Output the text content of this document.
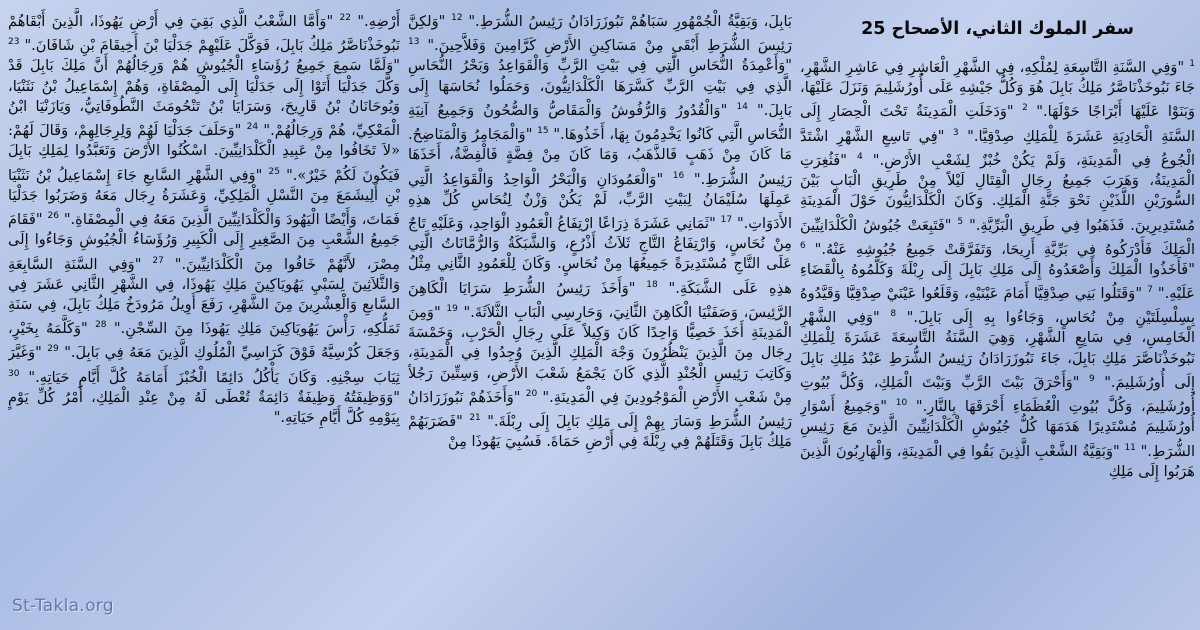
سفر الملوك الثاني، الأصحاح 25
$^1$ "وَفِي السَّنَةِ التَّاسِعَةِ لِمُلْكِهِ، فِي الشَّهْرِ الْعَاشِرِ فِي عَاشِرِ الشَّهْرِ، جَاءَ نَبُوخَذْنَاصَّرُ مَلِكُ بَابِلَ هُوَ وَكُلُّ جَيْشِهِ عَلَى أُورُشَلِيمَ وَنَزَلَ عَلَيْهَا، وَبَنَوْا عَلَيْهَا أَبْرَاجًا حَوْلَهَا." $^2$ "وَدَخَلَتِ الْمَدِينَةُ تَحْتَ الْحِصَارِ إِلَى السَّنَةِ الْحَادِيَةِ عَشَرَةَ لِلْمَلِكِ صِدْقِيَّا." $^3$ "فِي تَاسِعِ الشَّهْرِ اشْتَدَّ الْجُوعُ فِي الْمَدِينَةِ، وَلَمْ يَكُنْ خُبْزٌ لِشَعْبِ الأَرْضِ." $^4$ "فَثُغِرَتِ الْمَدِينَةُ، وَهَرَبَ جَمِيعُ رِجَالِ الْقِتَالِ لَيْلاً مِنْ طَرِيقِ الْبَابِ بَيْنَ السُّورَيْنِ اللَّذَيْنِ نَحْوَ جَنَّةِ الْمَلِكِ. وَكَانَ الْكَلْدَانِيُّونَ حَوْلَ الْمَدِينَةِ مُسْتَدِيرِينَ. فَذَهَبُوا فِي طَرِيقِ الْبَرِّيَّةِ." $^5$ "فَتَبِعَتْ جُيُوشُ الْكَلْدَانِيِّينَ الْمَلِكَ فَأَدْرَكُوهُ فِي بَرِّيَّةِ أَرِيحَا، وَتَفَرَّقَتْ جَمِيعُ جُيُوشِهِ عَنْهُ." $^6$ "فَأَخَذُوا الْمَلِكَ وَأَصْعَدُوهُ إِلَى مَلِكِ بَابِلَ إِلَى رِبْلَةَ وَكَلَّمُوهُ بِالْقَضَاءِ عَلَيْهِ." $^7$ "وَقَتَلُوا بَنِي صِدْقِيَّا أَمَامَ عَيْنَيْهِ، وَقَلَعُوا عَيْنَيْ صِدْقِيَّا وَقَيَّدُوهُ بِسِلْسِلَتَيْنِ مِنْ نُحَاسٍ، وَجَاءُوا بِهِ إِلَى بَابِلَ." $^8$ "وَفِي الشَّهْرِ الْخَامِسِ، فِي سَابِعِ الشَّهْرِ، وَهِيَ السَّنَةُ التَّاسِعَةَ عَشَرَةَ لِلْمَلِكِ نَبُوخَذْنَاصَّرَ مَلِكِ بَابِلَ، جَاءَ نَبُوزَرَادَانُ رَئِيسُ الشُّرَطِ عَبْدُ مَلِكِ بَابِلَ إِلَى أُورُشَلِيمَ." $^9$ "وَأَحْرَقَ بَيْتَ الرَّبِّ وَبَيْتَ الْمَلِكِ، وَكُلَّ بُيُوتِ أُورُشَلِيمَ، وَكُلَّ بُيُوتِ الْعُظَمَاءِ أَحْرَقَهَا بِالنَّارِ." $^{10}$ "وَجَمِيعُ أَسْوَارِ أُورُشَلِيمَ مُسْتَدِيرًا هَدَمَهَا كُلُّ جُيُوشِ الْكَلْدَانِيِّينَ الَّذِينَ مَعَ رَئِيسِ الشُّرَطِ." $^{11}$ "وَبَقِيَّةُ الشَّعْبِ الَّذِينَ بَقُوا فِي الْمَدِينَةِ، وَالْهَارِبُونَ الَّذِينَ هَرَبُوا إِلَى مَلِكِ
بَابِلَ، وَبَقِيَّةُ الْجُمْهُورِ سَبَاهُمْ نَبُوزَرَادَانُ رَئِيسُ الشُّرَطِ." $^{12}$ "وَلكِنَّ رَئِيسَ الشُّرَطِ أَبْقَى مِنْ مَسَاكِينِ الأَرْضِ كَرَّامِينَ وَفَلاَّحِينَ." $^{13}$ "وَأَعْمِدَةُ النُّحَاسِ الَّتِي فِي بَيْتِ الرَّبِّ وَالْقَوَاعِدُ وَبَحْرُ النُّحَاسِ الَّذِي فِي بَيْتِ الرَّبِّ كَسَّرَهَا الْكَلْدَانِيُّونَ، وَحَمَلُوا نُحَاسَهَا إِلَى بَابِلَ." $^{14}$ "وَالْقُدُورُ وَالرُّفُوشُ وَالْمَقَاصُّ وَالصُّحُونُ وَجَمِيعُ آنِيَةِ النُّحَاسِ الَّتِي كَانُوا يَخْدِمُونَ بِهَا، أَخَذُوهَا." $^{15}$ "وَالْمَجَامِرُ وَالْمَنَاضِحُ. مَا كَانَ مِنْ ذَهَبٍ فَالذَّهَبُ، وَمَا كَانَ مِنْ فِضَّةٍ فَالْفِضَّةُ، أَخَذَهَا رَئِيسُ الشُّرَطِ." $^{16}$ "وَالْعَمُودَانِ وَالْبَحْرُ الْوَاحِدُ وَالْقَوَاعِدُ الَّتِي عَمِلَهَا سُلَيْمَانُ لِبَيْتِ الرَّبِّ، لَمْ يَكُنْ وَزْنٌ لِنُحَاسِ كُلِّ هذِهِ الأَدَوَاتِ." $^{17}$ "ثَمَانِي عَشَرَةَ ذِرَاعًا ارْتِفَاعُ الْعَمُودِ الْوَاحِدِ، وَعَلَيْهِ تَاجٌ مِنْ نُحَاسٍ، وَارْتِفَاعُ التَّاجِ ثَلاَثُ أَذْرُعٍ، وَالشَّبَكَةُ وَالرُّمَّانَاتُ الَّتِي عَلَى التَّاجِ مُسْتَدِيرَةً جَمِيعُهَا مِنْ نُحَاسٍ. وَكَانَ لِلْعَمُودِ الثَّانِي مِثْلُ هذِهِ عَلَى الشَّبَكَةِ." $^{18}$ "وَأَخَذَ رَئِيسُ الشُّرَطِ سَرَايَا الْكَاهِنَ الرَّئِيسَ، وَصَفَنْيَا الْكَاهِنَ الثَّانِيَ، وَحَارِسِي الْبَابِ الثَّلاَثَةَ." $^{19}$ "وَمِنَ الْمَدِينَةِ أَخَذَ خَصِيًّا وَاحِدًا كَانَ وَكِيلاً عَلَى رِجَالِ الْحَرْبِ، وَخَمْسَةَ رِجَال مِنَ الَّذِينَ يَنْظُرُونَ وَجْهَ الْمَلِكِ الَّذِينَ وُجِدُوا فِي الْمَدِينَةِ، وَكَاتِبَ رَئِيسِ الْجُنْدِ الَّذِي كَانَ يَجْمَعُ شَعْبَ الأَرْضِ، وَسِتِّينَ رَجُلاً مِنْ شَعْبِ الأَرْضِ الْمَوْجُودِينَ فِي الْمَدِينَةِ." $^{20}$ "وَأَخَذَهُمْ نَبُوزَرَادَانُ رَئِيسُ الشُّرَطِ وَسَارَ بِهِمْ إِلَى مَلِكِ بَابِلَ إِلَى رِبْلَةَ." $^{21}$ "فَضَرَبَهُمْ مَلِكُ بَابِلَ وَقَتَلَهُمْ فِي رِبْلَةَ فِي أَرْضِ حَمَاةَ. فَسُبِيَ يَهُوذَا مِنْ
أَرْضِهِ." $^{22}$ "وَأَمَّا الشَّعْبُ الَّذِي بَقِيَ فِي أَرْضِ يَهُوذَا، الَّذِينَ أَبْقَاهُمْ نَبُوخَذْنَاصَّرُ مَلِكُ بَابِلَ، فَوَكَّلَ عَلَيْهِمْ جَدَلْيَا بْنَ أَخِيقَامَ بْنِ شَافَانَ." $^{23}$ "وَلَمَّا سَمِعَ جَمِيعُ رُؤَسَاءِ الْجُيُوشِ هُمْ وَرِجَالُهُمْ أَنَّ مَلِكَ بَابِلَ قَدْ وَكَّلَ جَدَلْيَا أَتَوْا إِلَى جَدَلْيَا إِلَى الْمِصْفَاةِ، وَهُمْ إِسْمَاعِيلُ بْنُ نَثَنْيَا، وَيُوحَانَانُ بْنُ قَارِيحَ، وَسَرَايَا بْنُ تَنْحُومَثَ النَّطُوفَاتِيُّ، وَيَازَنْيَا ابْنُ الْمَعْكِيِّ، هُمْ وَرِجَالُهُمْ." $^{24}$ "وَحَلَفَ جَدَلْيَا لَهُمْ وَلِرِجَالِهِمْ، وَقَالَ لَهُمْ: «لاَ تَخَافُوا مِنْ عَبِيدِ الْكَلْدَانِيِّينَ. اسْكُنُوا الأَرْضَ وَتَعَبَّدُوا لِمَلِكِ بَابِلَ فَيَكُونَ لَكُمْ خَيْرٌ»." $^{25}$ "وَفِي الشَّهْرِ السَّابعِ جَاءَ إِسْمَاعِيلُ بْنُ نَثَنْيَا بْنِ أَلِيشَمَعَ مِنَ النَّسْلِ الْمَلِكِيِّ، وَعَشَرَةُ رِجَال مَعَهُ وَضَرَبُوا جَدَلْيَا فَمَاتَ، وَأَيْضًا الْيَهُودَ وَالْكَلْدَانِيِّينَ الَّذِينَ مَعَهُ فِي الْمِصْفَاةِ." $^{26}$ "فَقَامَ جَمِيعُ الشَّعْبِ مِنَ الصَّغِيرِ إِلَى الْكَبِيرِ وَرُؤَسَاءُ الْجُيُوشِ وَجَاءُوا إِلَى مِصْرَ، لأَنَّهُمْ خَافُوا مِنَ الْكَلْدَانِيِّينَ." $^{27}$ "وَفِي السَّنَةِ السَّابِعَةِ وَالثَّلاَثِينَ لِسَبْيِ يَهُويَاكِينَ مَلِكِ يَهُوذَا، فِي الشَّهْرِ الثَّانِي عَشَرَ فِي السَّابعِ وَالْعِشْرِينَ مِنَ الشَّهْرِ، رَفَعَ أَوِيلُ مَرُودَخُ مَلِكُ بَابِلَ، فِي سَنَةِ تَمَلُّكِهِ، رَأْسَ يَهُويَاكِينَ مَلِكِ يَهُوذَا مِنَ السِّجْنِ." $^{28}$ "وَكَلَّمَهُ بِخَيْرٍ، وَجَعَلَ كُرْسِيَّهُ فَوْقَ كَرَاسِيِّ الْمُلُوكِ الَّذِينَ مَعَهُ فِي بَابِلَ." $^{29}$ "وَغَيَّرَ ثِيَابَ سِجْنِهِ. وَكَانَ يَأْكُلُ دَائِمًا الْخُبْزَ أَمَامَهُ كُلَّ أَيَّامِ حَيَاتِهِ." $^{30}$ "وَوَظِيفَتُهُ وَظِيفَةٌ دَائِمَةٌ تُعْطَى لَهُ مِنْ عِنْدِ الْمَلِكِ، أَمْرُ كُلِّ يَوْمٍ بِيَوْمِهِ كُلَّ أَيَّامِ حَيَاتِهِ."
St-Takla.org
